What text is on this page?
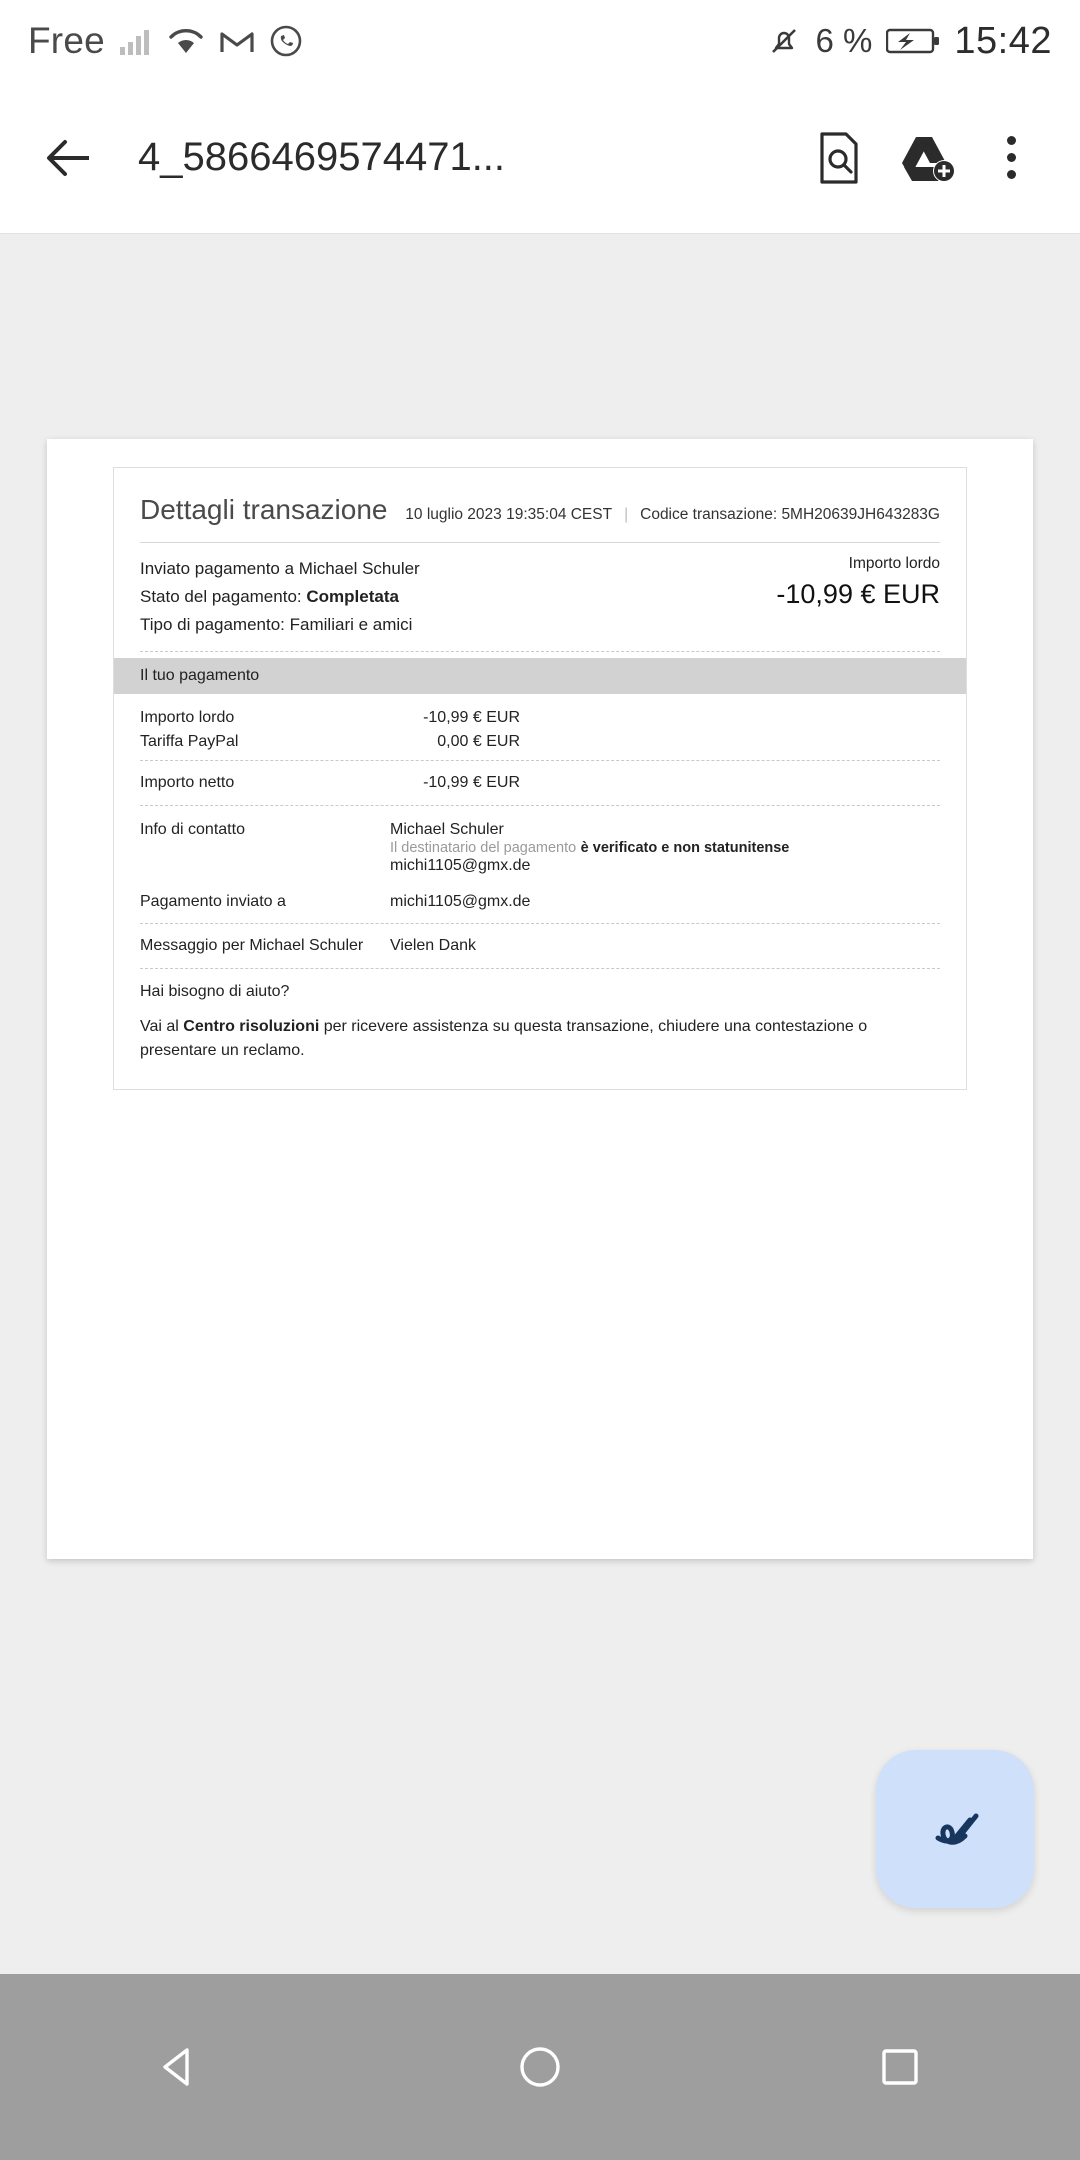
Free	6 % 15:42
4_5866469574471...
Dettagli transazione 10 luglio 2023 19:35:04 CEST | Codice transazione: 5MH20639JH643283G
Inviato pagamento a Michael Schuler
Stato del pagamento: Completata
Tipo di pagamento: Familiari e amici
Importo lordo
-10,99 € EUR
Il tuo pagamento
Importo lordo	-10,99 € EUR
Tariffa PayPal	0,00 € EUR
Importo netto	-10,99 € EUR
Info di contatto	Michael Schuler
Il destinatario del pagamento è verificato e non statunitense
michi1105@gmx.de
Pagamento inviato a	michi1105@gmx.de
Messaggio per Michael Schuler	Vielen Dank
Hai bisogno di aiuto?

Vai al Centro risoluzioni per ricevere assistenza su questa transazione, chiudere una contestazione o presentare un reclamo.
